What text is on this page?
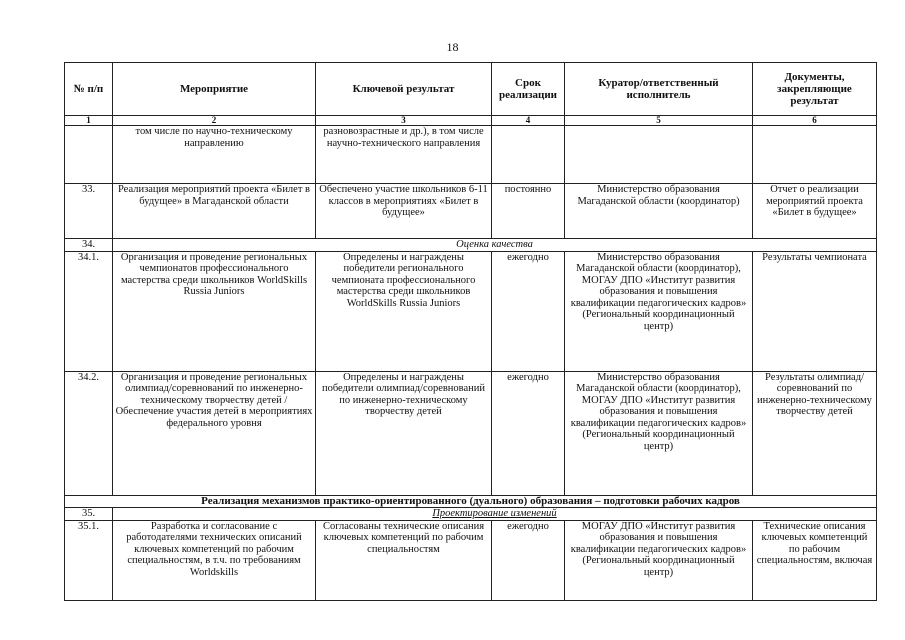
18
№ п/п	Мероприятие	Ключевой результат	Срок реализации	Куратор/ответственный исполнитель	Документы, закрепляющие результат
1	2	3	4	5	6
	том числе по научно-техническому направлению	разновозрастные и др.), в том числе научно-технического направления			
33.	Реализация мероприятий проекта «Билет в будущее» в Магаданской области	Обеспечено участие школьников 6-11 классов в мероприятиях «Билет в будущее»	постоянно	Министерство образования Магаданской области (координатор)	Отчет о реализации мероприятий проекта «Билет в будущее»
34.	Оценка качества				
34.1.	Организация и проведение региональных чемпионатов профессионального мастерства среди школьников WorldSkills Russia Juniors	Определены и награждены победители регионального чемпионата профессионального мастерства среди школьников WorldSkills Russia Juniors	ежегодно	Министерство образования Магаданской области (координатор), МОГАУ ДПО «Институт развития образования и повышения квалификации педагогических кадров» (Региональный координационный центр)	Результаты чемпионата
34.2.	Организация и проведение региональных олимпиад/соревнований по инженерно-техническому творчеству детей / Обеспечение участия детей в мероприятиях федерального уровня	Определены и награждены победители олимпиад/соревнований по инженерно-техническому творчеству детей	ежегодно	Министерство образования Магаданской области (координатор), МОГАУ ДПО «Институт развития образования и повышения квалификации педагогических кадров» (Региональный координационный центр)	Результаты олимпиад/соревнований по инженерно-техническому творчеству детей
Реализация механизмов практико-ориентированного (дуального) образования – подготовки рабочих кадров					
35.	Проектирование изменений				
35.1.	Разработка и согласование с работодателями технических описаний ключевых компетенций по рабочим специальностям, в т.ч. по требованиям Worldskills	Согласованы технические описания ключевых компетенций по рабочим специальностям	ежегодно	МОГАУ ДПО «Институт развития образования и повышения квалификации педагогических кадров» (Региональный координационный центр)	Технические описания ключевых компетенций по рабочим специальностям, включая
